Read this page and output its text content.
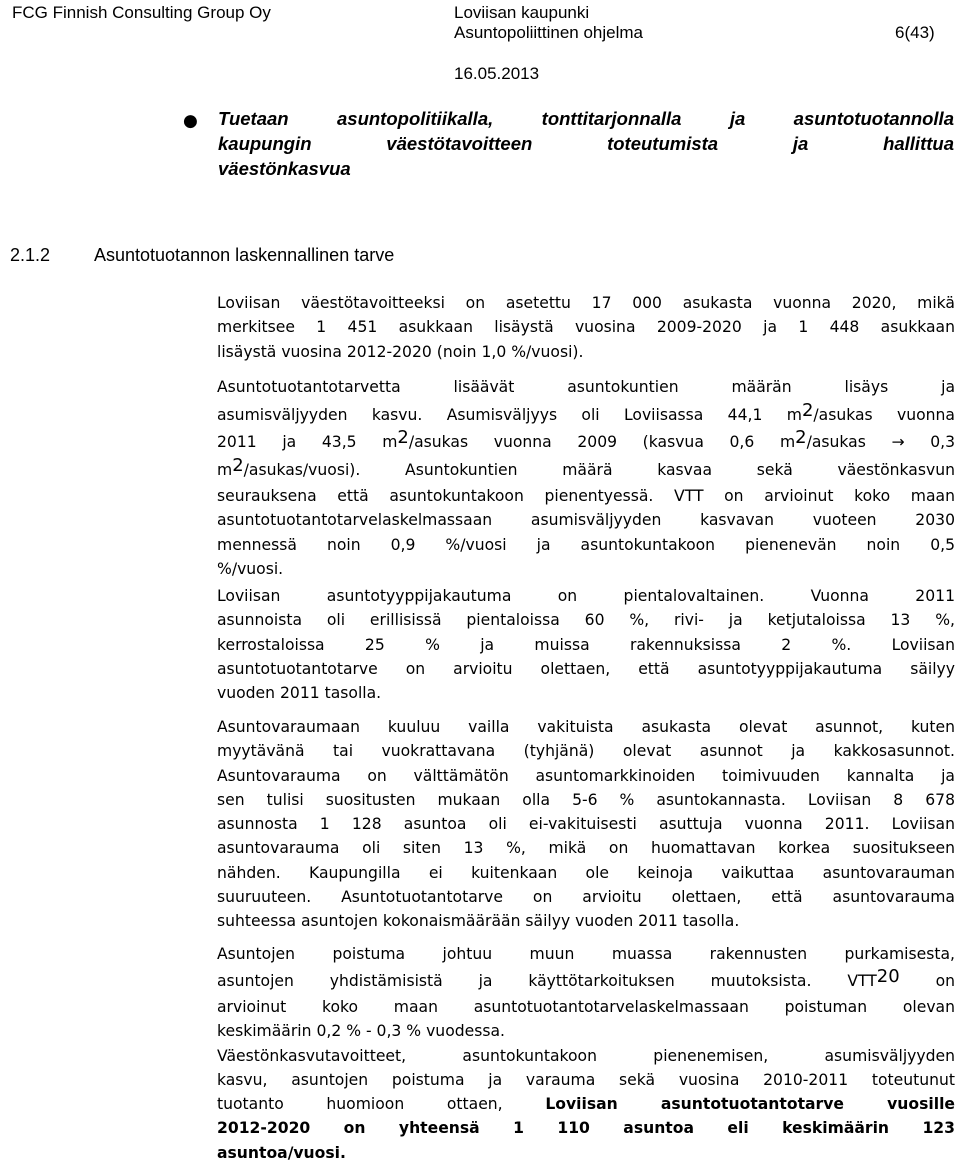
FCG Finnish Consulting Group Oy	Loviisan kaupunki
Asuntopoliittinen ohjelma	6(43)
16.05.2013
● Tuetaan asuntopolitiikalla, tonttitarjonnalla ja asuntotuotannolla
kaupungin väestötavoitteen toteutumista ja hallittua
väestönkasvua
2.1.2 Asuntotuotannon laskennallinen tarve

Loviisan väestötavoitteeksi on asetettu 17 000 asukasta vuonna 2020, mikä
merkitsee 1 451 asukkaan lisäystä vuosina 2009-2020 ja 1 448 asukkaan
lisäystä vuosina 2012-2020 (noin 1,0 %/vuosi).

Asuntotuotantotarvetta lisäävät asuntokuntien määrän lisäys ja
asumisväljyyden kasvu. Asumisväljyys oli Loviisassa 44,1 m2/asukas vuonna
2011 ja 43,5 m2/asukas vuonna 2009 (kasvua 0,6 m2/asukas → 0,3
m2/asukas/vuosi). Asuntokuntien määrä kasvaa sekä väestönkasvun
seurauksena että asuntokuntakoon pienentyessä. VTT on arvioinut koko maan
asuntotuotantotarvelaskelmassaan asumisväljyyden kasvavan vuoteen 2030
mennessä noin 0,9 %/vuosi ja asuntokuntakoon pienenevän noin 0,5
%/vuosi.

Loviisan asuntotyyppijakautuma on pientalovaltainen. Vuonna 2011
asunnoista oli erillisissä pientaloissa 60 %, rivi- ja ketjutaloissa 13 %,
kerrostaloissa 25 % ja muissa rakennuksissa 2 %. Loviisan
asuntotuotantotarve on arvioitu olettaen, että asuntotyyppijakautuma säilyy
vuoden 2011 tasolla.

Asuntovaraumaan kuuluu vailla vakituista asukasta olevat asunnot, kuten
myytävänä tai vuokrattavana (tyhjänä) olevat asunnot ja kakkosasunnot.
Asuntovarauma on välttämätön asuntomarkkinoiden toimivuuden kannalta ja
sen tulisi suositusten mukaan olla 5-6 % asuntokannasta. Loviisan 8 678
asunnosta 1 128 asuntoa oli ei-vakituisesti asuttuja vuonna 2011. Loviisan
asuntovarauma oli siten 13 %, mikä on huomattavan korkea suositukseen
nähden. Kaupungilla ei kuitenkaan ole keinoja vaikuttaa asuntovarauman
suuruuteen. Asuntotuotantotarve on arvioitu olettaen, että asuntovarauma
suhteessa asuntojen kokonaismäärään säilyy vuoden 2011 tasolla.

Asuntojen poistuma johtuu muun muassa rakennusten purkamisesta,
asuntojen yhdistämisistä ja käyttötarkoituksen muutoksista. VTT20 on
arvioinut koko maan asuntotuotantotarvelaskelmassaan poistuman olevan
keskimäärin 0,2 % - 0,3 % vuodessa.
Väestönkasvutavoitteet, asuntokuntakoon pienenemisen, asumisväljyyden
kasvu, asuntojen poistuma ja varauma sekä vuosina 2010-2011 toteutunut
tuotanto huomioon ottaen, Loviisan asuntotuotantotarve vuosille
2012-2020 on yhteensä 1 110 asuntoa eli keskimäärin 123
asuntoa/vuosi.
